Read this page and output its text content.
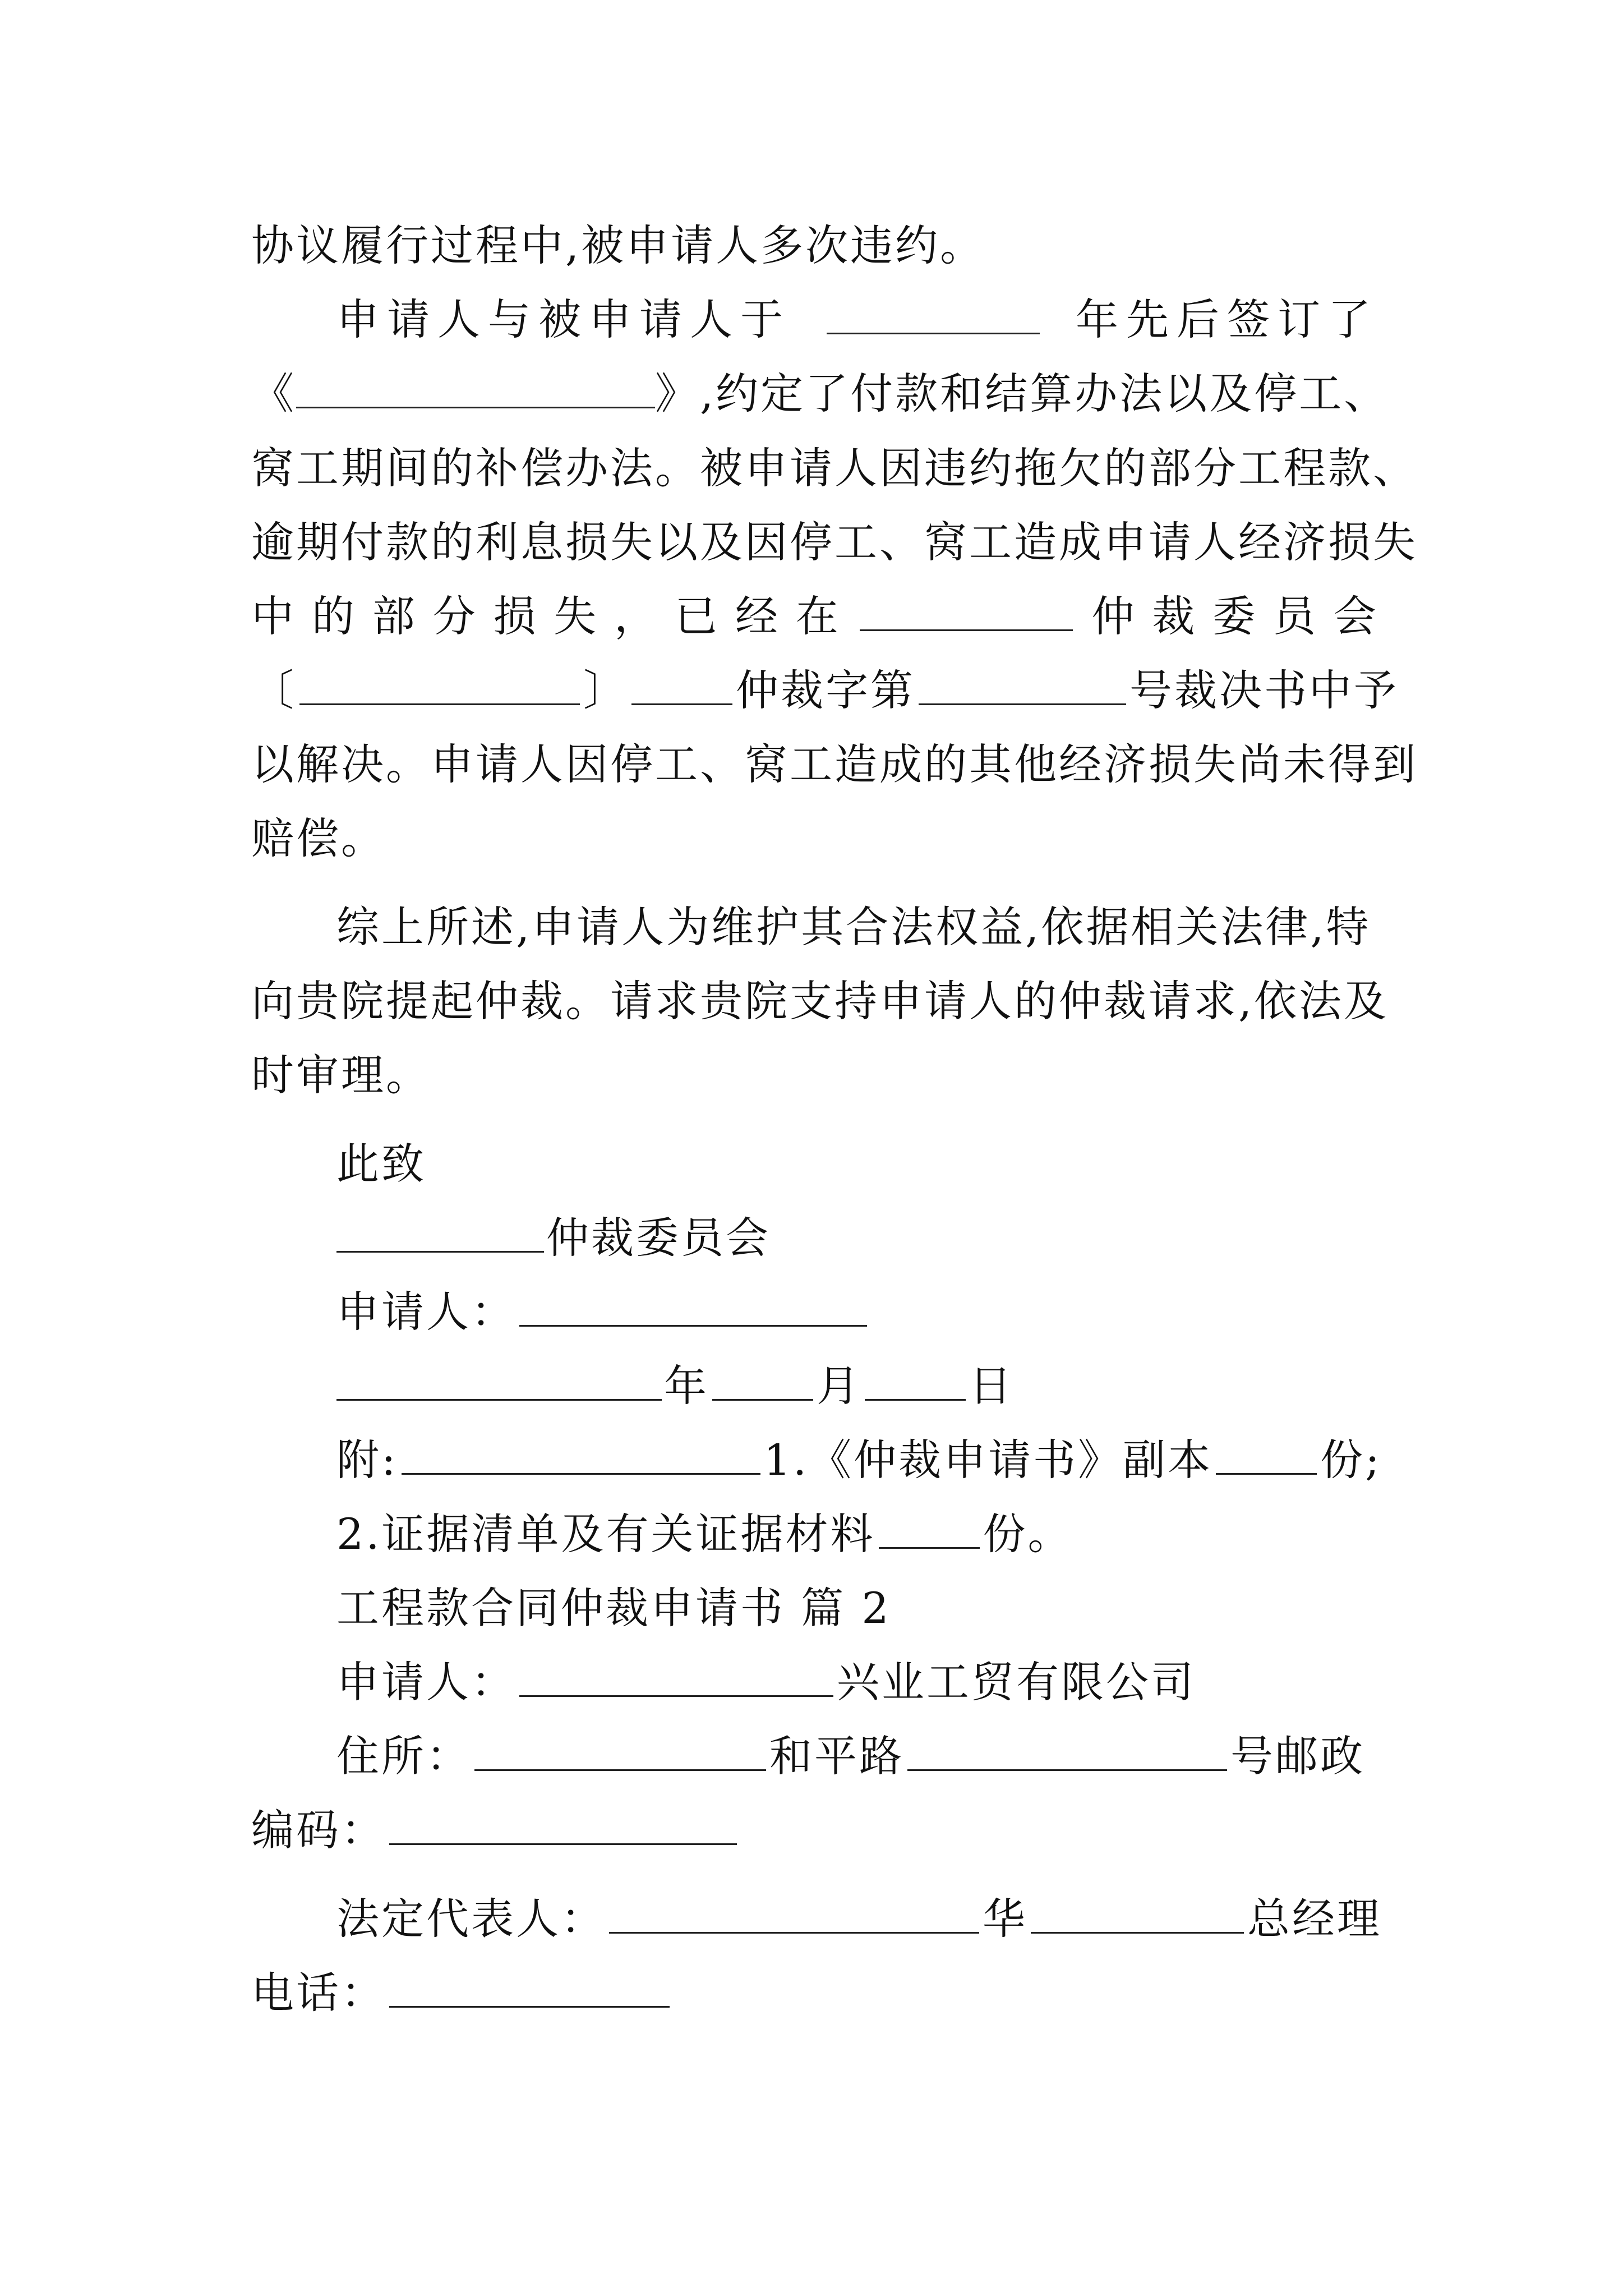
协议履行过程中,被申请人多次违约。
申请人与被申请人于	年先后签订了
《	》,约定了付款和结算办法以及停工、
窝工期间的补偿办法。被申请人因违约拖欠的部分工程款、
逾期付款的利息损失以及因停工、窝工造成申请人经济损失
中 的 部 分 损 失 ， 已 经 在	仲 裁 委 员 会
〔	〕	仲裁字第	号裁决书中予
以解决。申请人因停工、窝工造成的其他经济损失尚未得到
赔偿。
综上所述,申请人为维护其合法权益,依据相关法律,特
向贵院提起仲裁。请求贵院支持申请人的仲裁请求,依法及
时审理。
此致
仲裁委员会
申请人：
年	月	日
附:	1.《仲裁申请书》副本	份;
2.证据清单及有关证据材料	份。
工程款合同仲裁申请书 篇 2
申请人：	兴业工贸有限公司
住所：	和平路	号邮政
编码：
法定代表人：	华	总经理
电话：
